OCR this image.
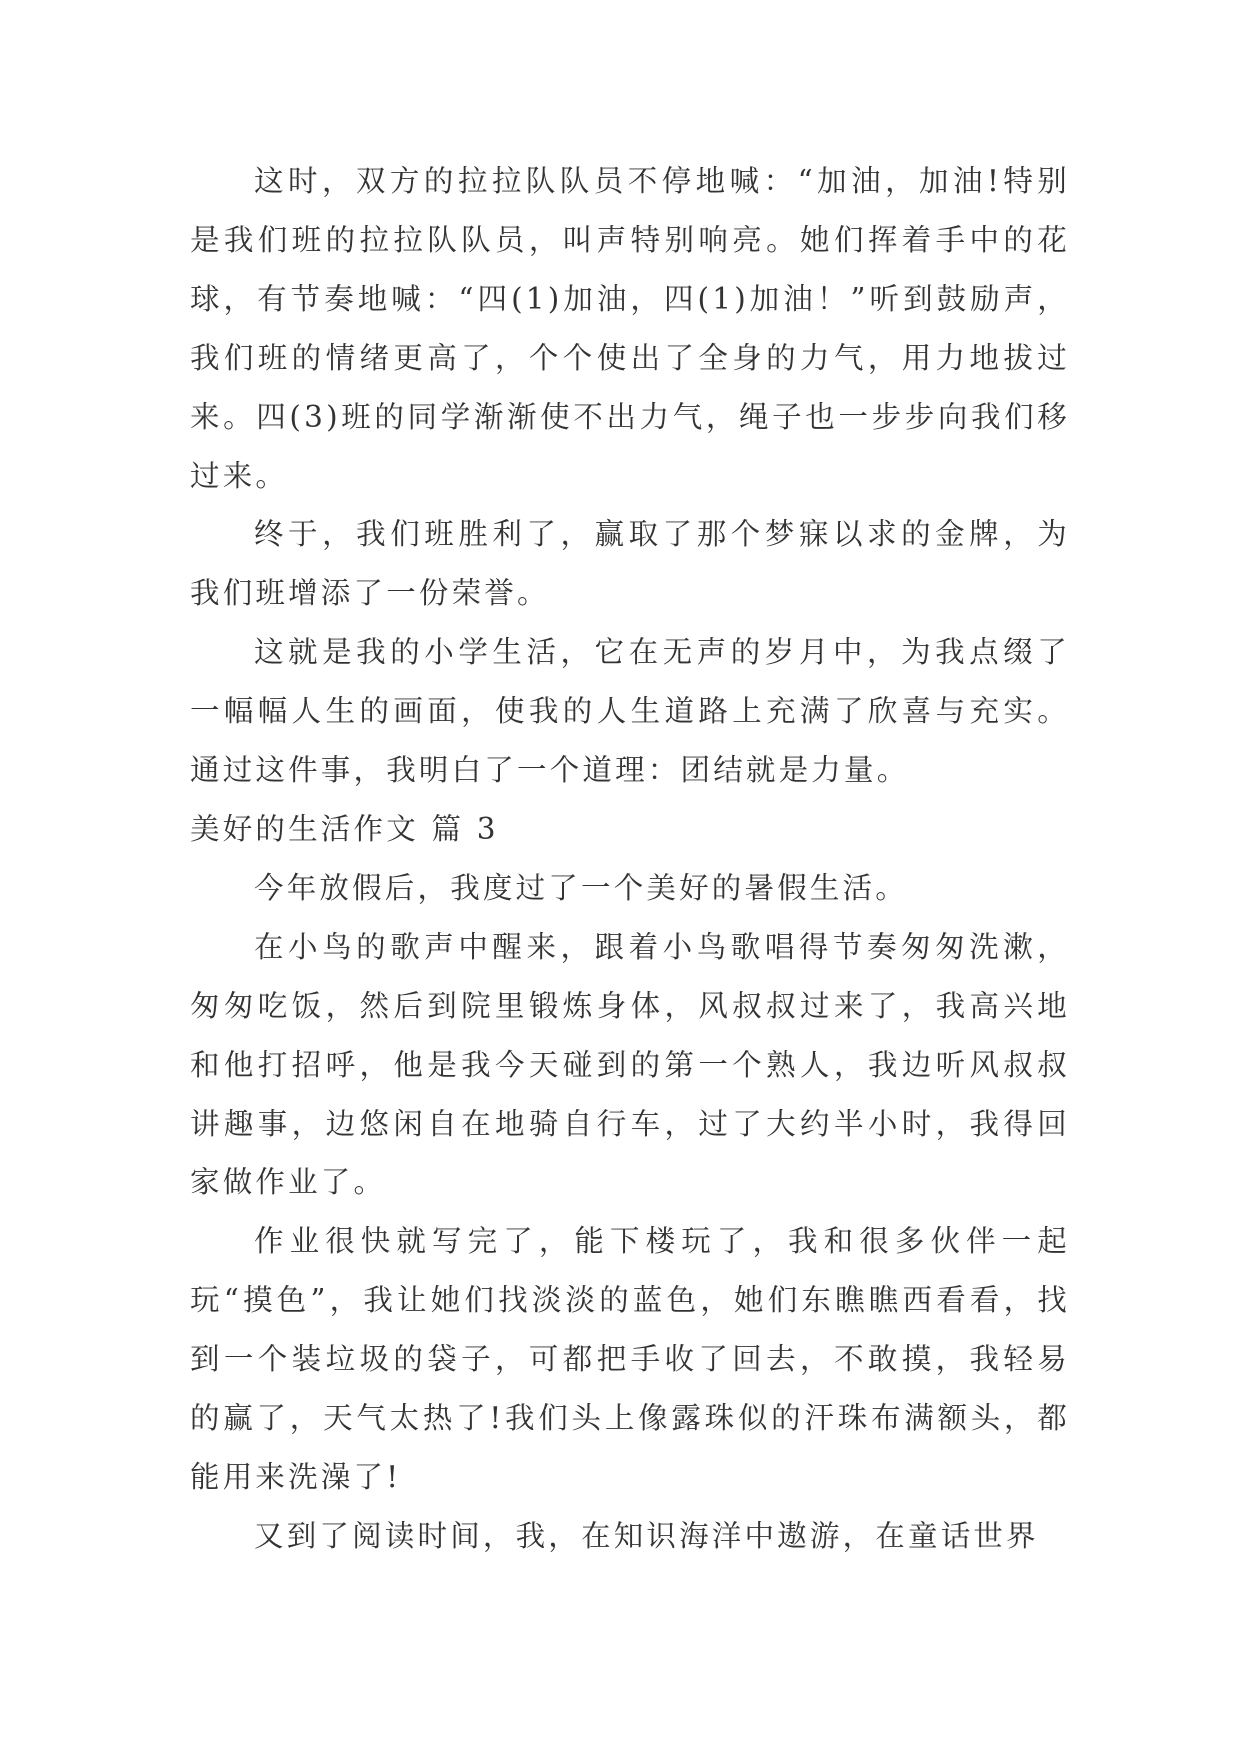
这时，双方的拉拉队队员不停地喊：“加油，加油!特别是我们班的拉拉队队员，叫声特别响亮。她们挥着手中的花球，有节奏地喊：“四(1)加油，四(1)加油！”听到鼓励声，我们班的情绪更高了，个个使出了全身的力气，用力地拔过来。四(3)班的同学渐渐使不出力气，绳子也一步步向我们移过来。

终于，我们班胜利了，赢取了那个梦寐以求的金牌，为我们班增添了一份荣誉。

这就是我的小学生活，它在无声的岁月中，为我点缀了一幅幅人生的画面，使我的人生道路上充满了欣喜与充实。通过这件事，我明白了一个道理：团结就是力量。

美好的生活作文 篇 3

今年放假后，我度过了一个美好的暑假生活。

在小鸟的歌声中醒来，跟着小鸟歌唱得节奏匆匆洗漱，匆匆吃饭，然后到院里锻炼身体，风叔叔过来了，我高兴地和他打招呼，他是我今天碰到的第一个熟人，我边听风叔叔讲趣事，边悠闲自在地骑自行车，过了大约半小时，我得回家做作业了。

作业很快就写完了，能下楼玩了，我和很多伙伴一起玩“摸色”，我让她们找淡淡的蓝色，她们东瞧瞧西看看，找到一个装垃圾的袋子，可都把手收了回去，不敢摸，我轻易的赢了，天气太热了!我们头上像露珠似的汗珠布满额头，都能用来洗澡了!

又到了阅读时间，我，在知识海洋中遨游，在童话世界
